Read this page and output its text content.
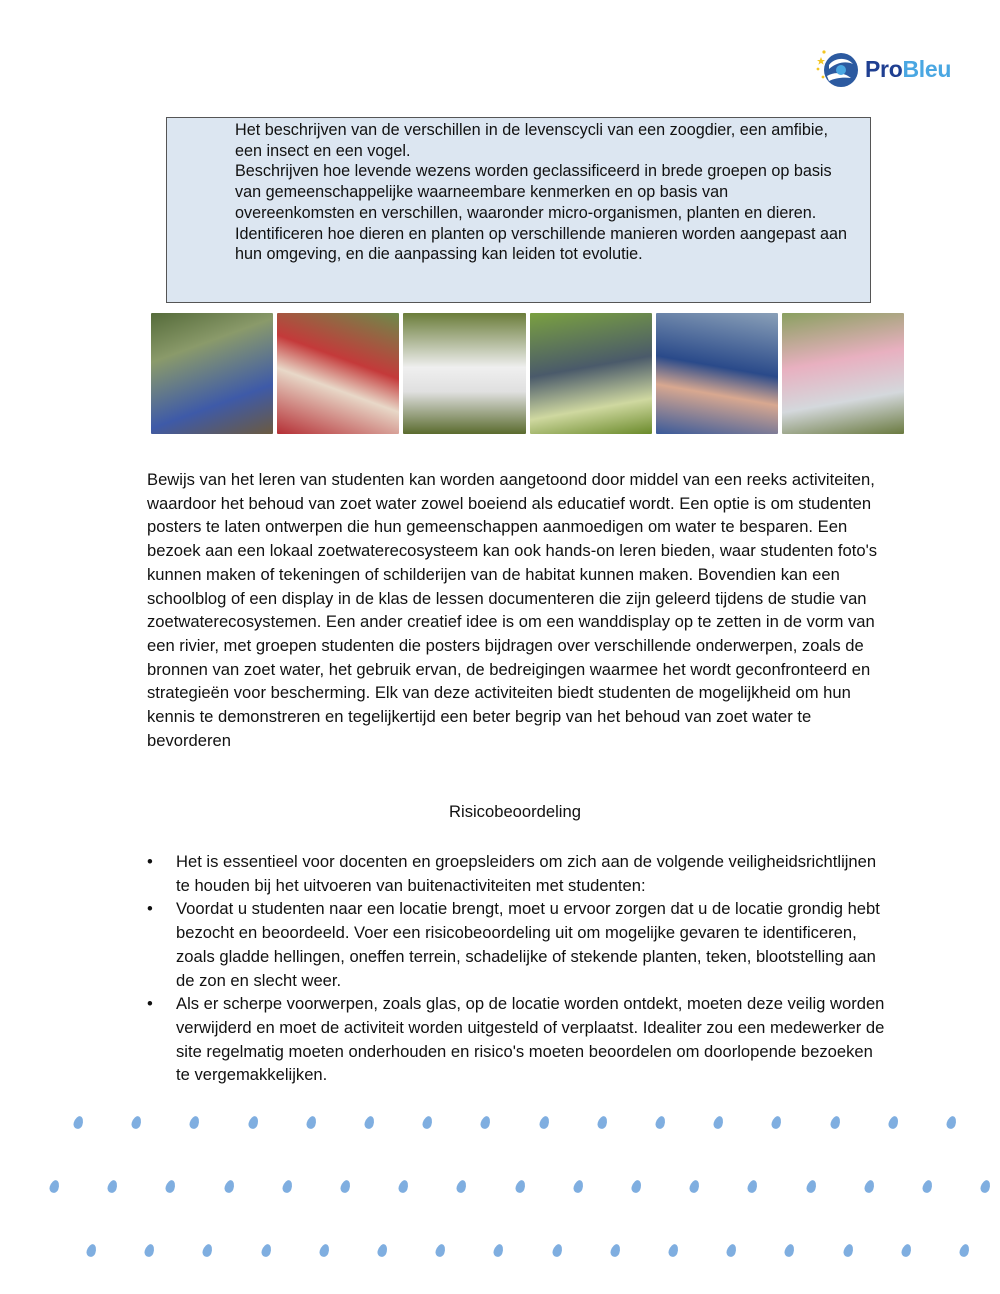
ProBleu

Het beschrijven van de verschillen in de levenscycli van een zoogdier, een amfibie, een insect en een vogel.

Beschrijven hoe levende wezens worden geclassificeerd in brede groepen op basis van gemeenschappelijke waarneembare kenmerken en op basis van overeenkomsten en verschillen, waaronder micro-organismen, planten en dieren.

Identificeren hoe dieren en planten op verschillende manieren worden aangepast aan hun omgeving, en die aanpassing kan leiden tot evolutie.

Bewijs van het leren van studenten kan worden aangetoond door middel van een reeks activiteiten, waardoor het behoud van zoet water zowel boeiend als educatief wordt. Een optie is om studenten posters te laten ontwerpen die hun gemeenschappen aanmoedigen om water te besparen. Een bezoek aan een lokaal zoetwaterecosysteem kan ook hands-on leren bieden, waar studenten foto's kunnen maken of tekeningen of schilderijen van de habitat kunnen maken. Bovendien kan een schoolblog of een display in de klas de lessen documenteren die zijn geleerd tijdens de studie van zoetwaterecosystemen. Een ander creatief idee is om een wanddisplay op te zetten in de vorm van een rivier, met groepen studenten die posters bijdragen over verschillende onderwerpen, zoals de bronnen van zoet water, het gebruik ervan, de bedreigingen waarmee het wordt geconfronteerd en strategieën voor bescherming. Elk van deze activiteiten biedt studenten de mogelijkheid om hun kennis te demonstreren en tegelijkertijd een beter begrip van het behoud van zoet water te bevorderen

Risicobeoordeling
• Het is essentieel voor docenten en groepsleiders om zich aan de volgende veiligheidsrichtlijnen te houden bij het uitvoeren van buitenactiviteiten met studenten:
• Voordat u studenten naar een locatie brengt, moet u ervoor zorgen dat u de locatie grondig hebt bezocht en beoordeeld. Voer een risicobeoordeling uit om mogelijke gevaren te identificeren, zoals gladde hellingen, oneffen terrein, schadelijke of stekende planten, teken, blootstelling aan de zon en slecht weer.
• Als er scherpe voorwerpen, zoals glas, op de locatie worden ontdekt, moeten deze veilig worden verwijderd en moet de activiteit worden uitgesteld of verplaatst. Idealiter zou een medewerker de site regelmatig moeten onderhouden en risico's moeten beoordelen om doorlopende bezoeken te vergemakkelijken.
